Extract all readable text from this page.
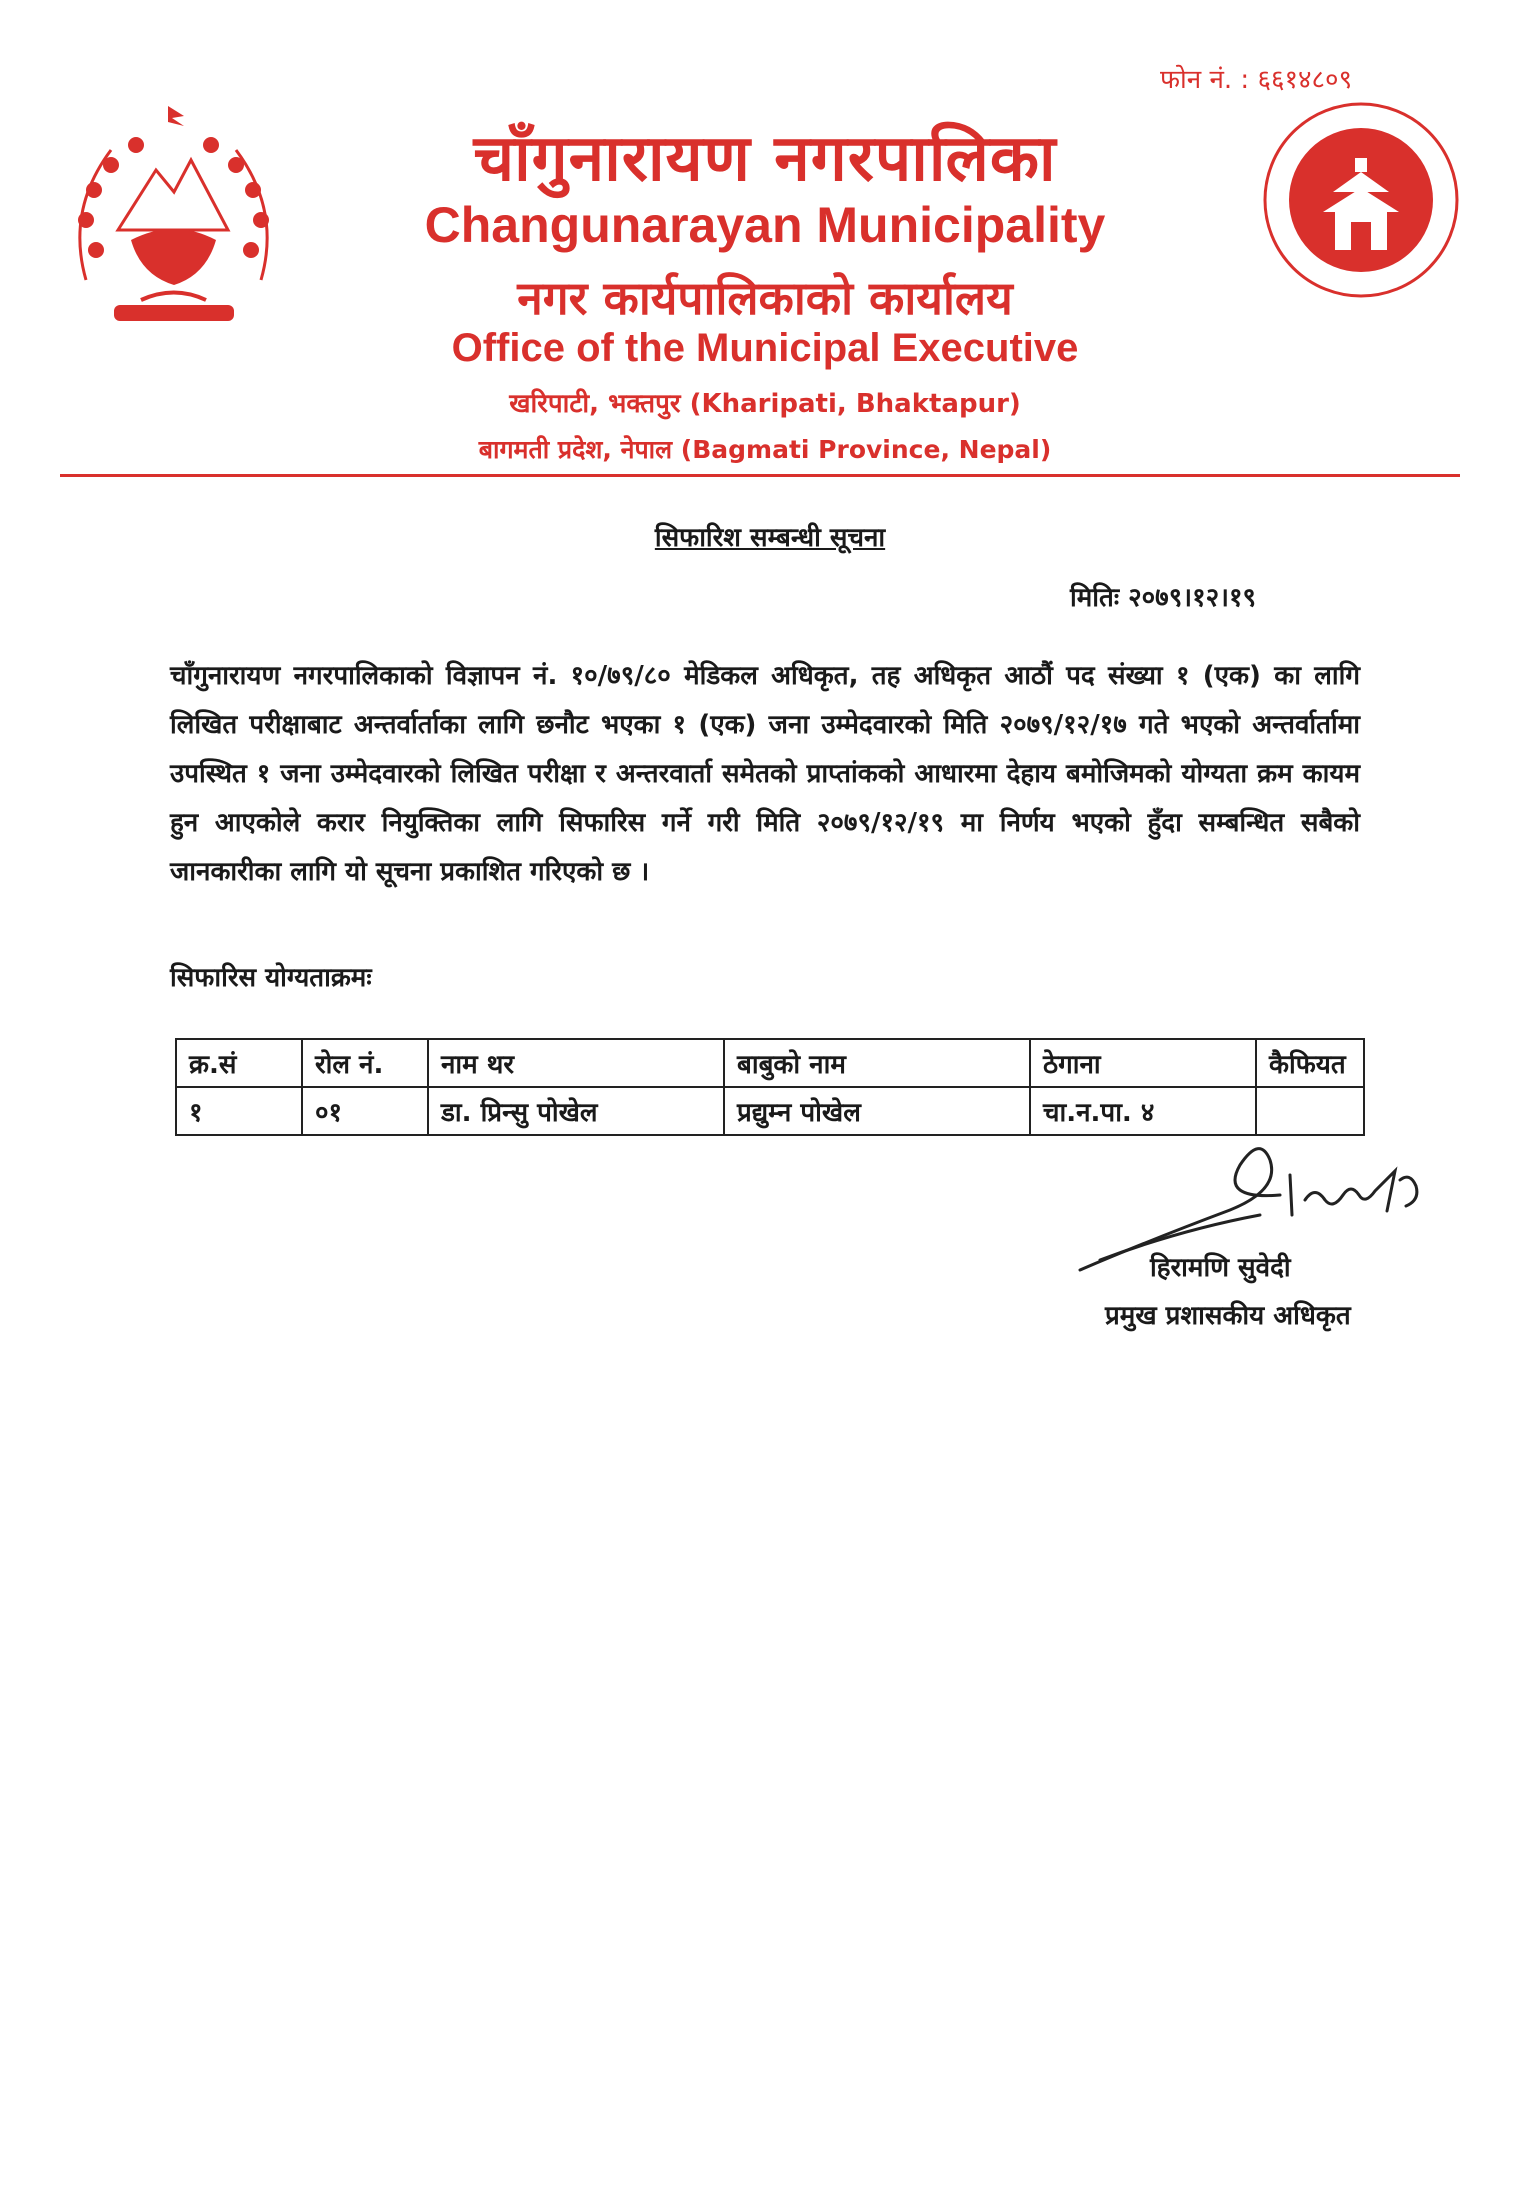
फोन नं. : ६६१४८०९
चाँगुनारायण नगरपालिका
Changunarayan Municipality
नगर कार्यपालिकाको कार्यालय
Office of the Municipal Executive
खरिपाटी, भक्तपुर (Kharipati, Bhaktapur)
बागमती प्रदेश, नेपाल (Bagmati Province, Nepal)
सिफारिश सम्बन्धी सूचना
मितिः २०७९।१२।१९
चाँगुनारायण नगरपालिकाको विज्ञापन नं. १०/७९/८० मेडिकल अधिकृत, तह अधिकृत आठौं पद संख्या १ (एक) का लागि लिखित परीक्षाबाट अन्तर्वार्ताका लागि छनौट भएका १ (एक) जना उम्मेदवारको मिति २०७९/१२/१७ गते भएको अन्तर्वार्तामा उपस्थित १ जना उम्मेदवारको लिखित परीक्षा र अन्तरवार्ता समेतको प्राप्तांकको आधारमा देहाय बमोजिमको योग्यता क्रम कायम हुन आएकोले करार नियुक्तिका लागि सिफारिस गर्ने गरी मिति २०७९/१२/१९ मा निर्णय भएको हुँदा सम्बन्धित सबैको जानकारीका लागि यो सूचना प्रकाशित गरिएको छ ।
सिफारिस योग्यताक्रमः
क्र.सं	रोल नं.	नाम थर	बाबुको नाम	ठेगाना	कैफियत
१	०१	डा. प्रिन्सु पोखेल	प्रद्युम्न पोखेल	चा.न.पा. ४	
हिरामणि सुवेदी
प्रमुख प्रशासकीय अधिकृत
